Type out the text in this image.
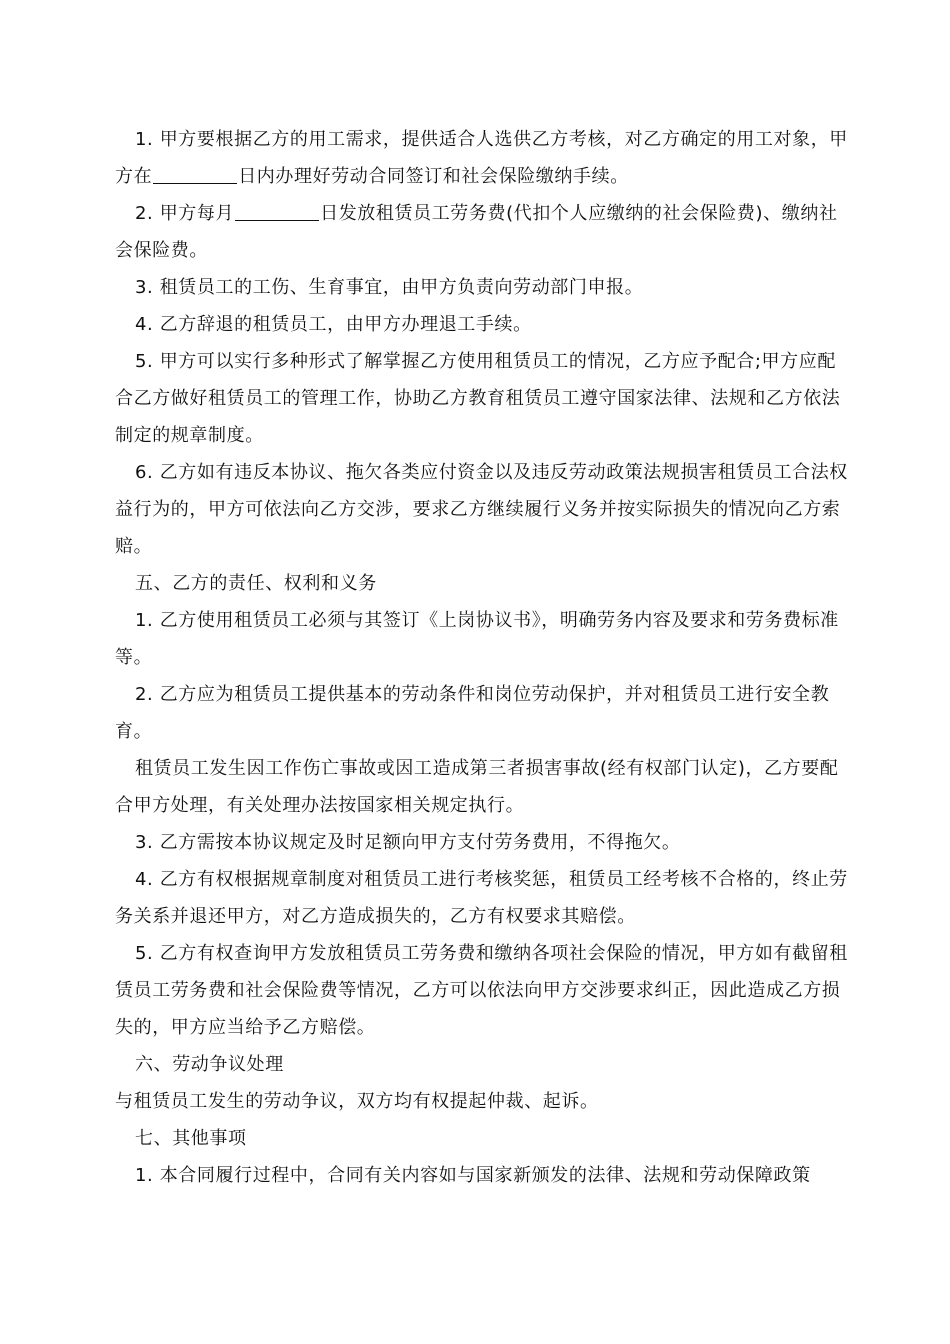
1. 甲方要根据乙方的用工需求，提供适合人选供乙方考核，对乙方确定的用工对象，甲方在	日内办理好劳动合同签订和社会保险缴纳手续。

2. 甲方每月	日发放租赁员工劳务费(代扣个人应缴纳的社会保险费)、缴纳社会保险费。

3. 租赁员工的工伤、生育事宜，由甲方负责向劳动部门申报。

4. 乙方辞退的租赁员工，由甲方办理退工手续。

5. 甲方可以实行多种形式了解掌握乙方使用租赁员工的情况，乙方应予配合;甲方应配合乙方做好租赁员工的管理工作，协助乙方教育租赁员工遵守国家法律、法规和乙方依法制定的规章制度。

6. 乙方如有违反本协议、拖欠各类应付资金以及违反劳动政策法规损害租赁员工合法权益行为的，甲方可依法向乙方交涉，要求乙方继续履行义务并按实际损失的情况向乙方索赔。

五、乙方的责任、权利和义务

1. 乙方使用租赁员工必须与其签订《上岗协议书》，明确劳务内容及要求和劳务费标准等。

2. 乙方应为租赁员工提供基本的劳动条件和岗位劳动保护，并对租赁员工进行安全教育。

租赁员工发生因工作伤亡事故或因工造成第三者损害事故(经有权部门认定)，乙方要配合甲方处理，有关处理办法按国家相关规定执行。

3. 乙方需按本协议规定及时足额向甲方支付劳务费用，不得拖欠。

4. 乙方有权根据规章制度对租赁员工进行考核奖惩，租赁员工经考核不合格的，终止劳务关系并退还甲方，对乙方造成损失的，乙方有权要求其赔偿。

5. 乙方有权查询甲方发放租赁员工劳务费和缴纳各项社会保险的情况，甲方如有截留租赁员工劳务费和社会保险费等情况，乙方可以依法向甲方交涉要求纠正，因此造成乙方损失的，甲方应当给予乙方赔偿。

六、劳动争议处理

与租赁员工发生的劳动争议，双方均有权提起仲裁、起诉。

七、其他事项

1. 本合同履行过程中，合同有关内容如与国家新颁发的法律、法规和劳动保障政策
